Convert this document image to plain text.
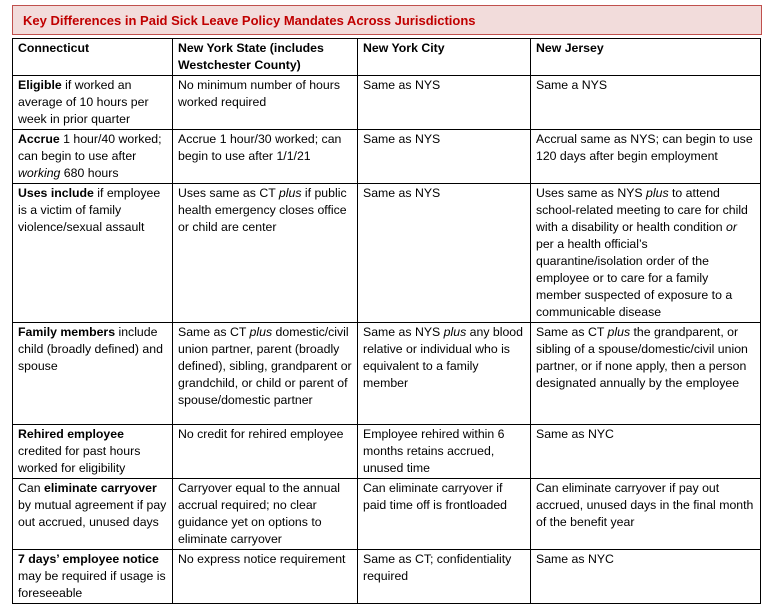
Key Differences in Paid Sick Leave Policy Mandates Across Jurisdictions
Connecticut	New York State (includes Westchester County)	New York City	New Jersey
Eligible if worked an average of 10 hours per week in prior quarter	No minimum number of hours worked required	Same as NYS	Same a NYS
Accrue 1 hour/40 worked; can begin to use after working 680 hours	Accrue 1 hour/30 worked; can begin to use after 1/1/21	Same as NYS	Accrual same as NYS; can begin to use 120 days after begin employment
Uses include if employee is a victim of family violence/sexual assault	Uses same as CT plus if public health emergency closes office or child are center	Same as NYS	Uses same as NYS plus to attend school-related meeting to care for child with a disability or health condition or per a health official’s quarantine/isolation order of the employee or to care for a family member suspected of exposure to a communicable disease
Family members include child (broadly defined) and spouse	Same as CT plus domestic/civil union partner, parent (broadly defined), sibling, grandparent or grandchild, or child or parent of spouse/domestic partner	Same as NYS plus any blood relative or individual who is equivalent to a family member	Same as CT plus the grandparent, or sibling of a spouse/domestic/civil union partner, or if none apply, then a person designated annually by the employee
Rehired employee credited for past hours worked for eligibility	No credit for rehired employee	Employee rehired within 6 months retains accrued, unused time	Same as NYC
Can eliminate carryover by mutual agreement if pay out accrued, unused days	Carryover equal to the annual accrual required; no clear guidance yet on options to eliminate carryover	Can eliminate carryover if paid time off is frontloaded	Can eliminate carryover if pay out accrued, unused days in the final month of the benefit year
7 days’ employee notice may be required if usage is foreseeable	No express notice requirement	Same as CT; confidentiality required	Same as NYC
